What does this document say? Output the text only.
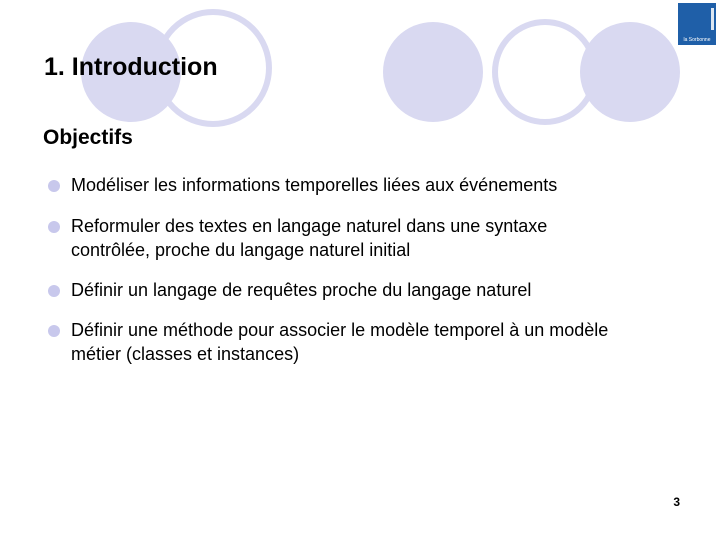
la Sorbonne
1. Introduction
Objectifs

Modéliser les informations temporelles liées aux événements

Reformuler des textes en langage naturel dans une syntaxe
contrôlée, proche du langage naturel initial

Définir un langage de requêtes proche du langage naturel

Définir une méthode pour associer le modèle temporel à un modèle
métier (classes et instances)

3
